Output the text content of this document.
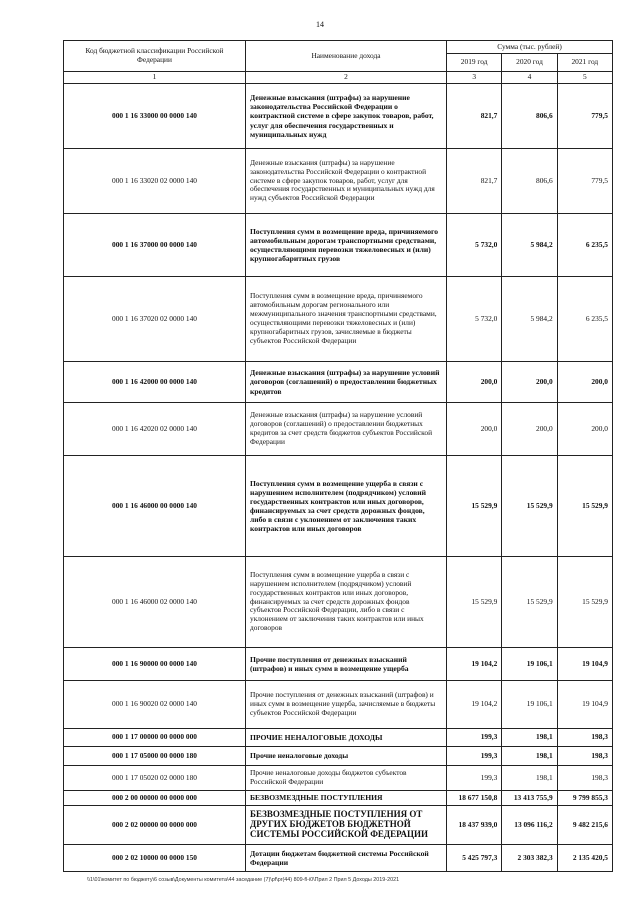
14
Код бюджетной классификации Российской Федерации	Наименование дохода	Сумма (тыс. рублей)		
		2019 год	2020 год	2021 год
1	2	3	4	5
000 1 16 33000 00 0000 140	Денежные взыскания (штрафы) за нарушение законодательства Российской Федерации о контрактной системе в сфере закупок товаров, работ, услуг для обеспечения государственных и муниципальных нужд	821,7	806,6	779,5
000 1 16 33020 02 0000 140	Денежные взыскания (штрафы) за нарушение законодательства Российской Федерации о контрактной системе в сфере закупок товаров, работ, услуг для обеспечения государственных и муниципальных нужд для нужд субъектов Российской Федерации	821,7	806,6	779,5
000 1 16 37000 00 0000 140	Поступления сумм в возмещение вреда, причиняемого автомобильным дорогам транспортными средствами, осуществляющими перевозки тяжеловесных и (или) крупногабаритных грузов	5 732,0	5 984,2	6 235,5
000 1 16 37020 02 0000 140	Поступления сумм в возмещение вреда, причиняемого автомобильным дорогам регионального или межмуниципального значения транспортными средствами, осуществляющими перевозки тяжеловесных и (или) крупногабаритных грузов, зачисляемые в бюджеты субъектов Российской Федерации	5 732,0	5 984,2	6 235,5
000 1 16 42000 00 0000 140	Денежные взыскания (штрафы) за нарушение условий договоров (соглашений) о предоставлении бюджетных кредитов	200,0	200,0	200,0
000 1 16 42020 02 0000 140	Денежные взыскания (штрафы) за нарушение условий договоров (соглашений) о предоставлении бюджетных кредитов за счет средств бюджетов субъектов Российской Федерации	200,0	200,0	200,0
000 1 16 46000 00 0000 140	Поступления сумм в возмещение ущерба в связи с нарушением исполнителем (подрядчиком) условий государственных контрактов или иных договоров, финансируемых за счет средств дорожных фондов, либо в связи с уклонением от заключения таких контрактов или иных договоров	15 529,9	15 529,9	15 529,9
000 1 16 46000 02 0000 140	Поступления сумм в возмещение ущерба в связи с нарушением исполнителем (подрядчиком) условий государственных контрактов или иных договоров, финансируемых за счет средств дорожных фондов субъектов Российской Федерации, либо в связи с уклонением от заключения таких контрактов или иных договоров	15 529,9	15 529,9	15 529,9
000 1 16 90000 00 0000 140	Прочие поступления от денежных взысканий (штрафов) и иных сумм в возмещение ущерба	19 104,2	19 106,1	19 104,9
000 1 16 90020 02 0000 140	Прочие поступления от денежных взысканий (штрафов) и иных сумм в возмещение ущерба, зачисляемые в бюджеты субъектов Российской Федерации	19 104,2	19 106,1	19 104,9
000 1 17 00000 00 0000 000	ПРОЧИЕ НЕНАЛОГОВЫЕ ДОХОДЫ	199,3	198,1	198,3
000 1 17 05000 00 0000 180	Прочие неналоговые доходы	199,3	198,1	198,3
000 1 17 05020 02 0000 180	Прочие неналоговые доходы бюджетов субъектов Российской Федерации	199,3	198,1	198,3
000 2 00 00000 00 0000 000	БЕЗВОЗМЕЗДНЫЕ ПОСТУПЛЕНИЯ	18 677 150,8	13 413 755,9	9 799 855,3
000 2 02 00000 00 0000 000	БЕЗВОЗМЕЗДНЫЕ ПОСТУПЛЕНИЯ ОТ ДРУГИХ БЮДЖЕТОВ БЮДЖЕТНОЙ СИСТЕМЫ РОССИЙСКОЙ ФЕДЕРАЦИИ	18 437 939,0	13 096 116,2	9 482 215,6
000 2 02 10000 00 0000 150	Дотации бюджетам бюджетной системы Российской Федерации	5 425 797,3	2 303 382,3	2 135 420,5
\\1\01\комитет по бюджету\6 созыв\Документы комитета\44 заседание (7)\pf\pr(44) 809-fl-i0\Прил 2 Прил 5 Доходы 2019-2021
